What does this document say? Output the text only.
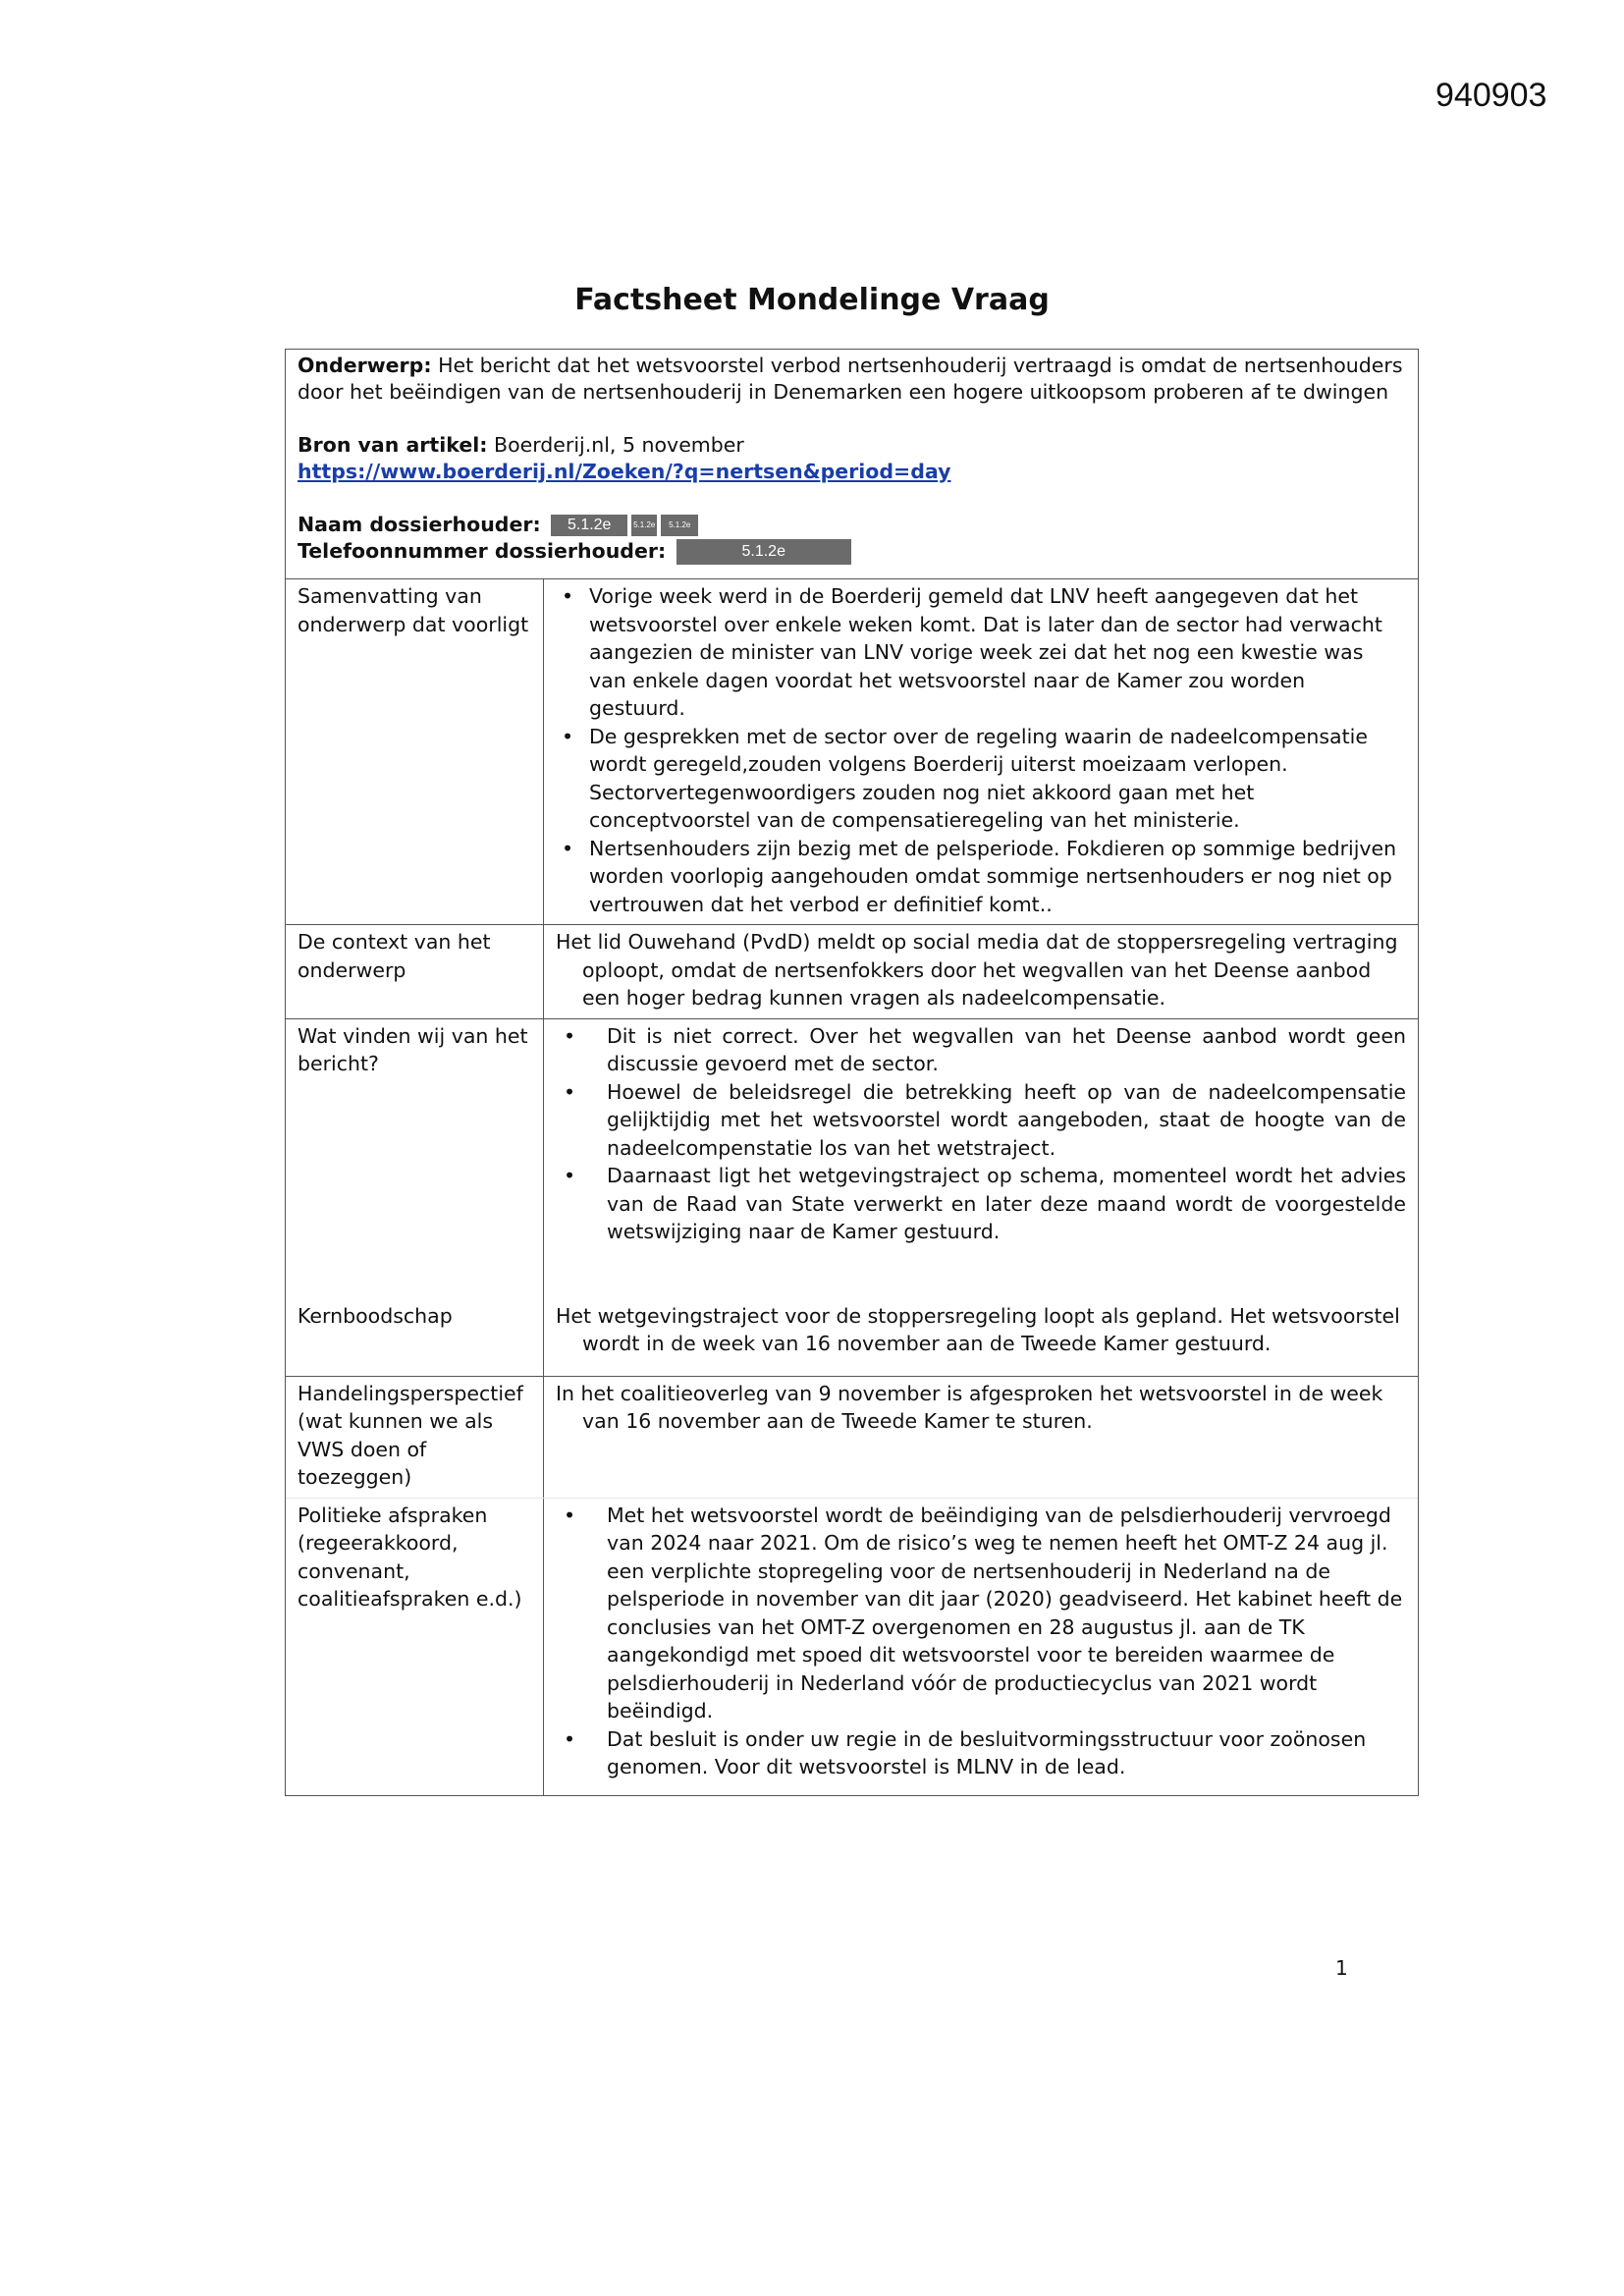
940903
Factsheet Mondelinge Vraag
Onderwerp: Het bericht dat het wetsvoorstel verbod nertsenhouderij vertraagd is omdat de nertsenhouders door het beëindigen van de nertsenhouderij in Denemarken een hogere uitkoopsom proberen af te dwingen
Bron van artikel: Boerderij.nl, 5 november
https://www.boerderij.nl/Zoeken/?q=nertsen&period=day
Naam dossierhouder: 5.1.2e	5.1.2e 5.1.2e
Telefoonnummer dossierhouder:	5.1.2e
Samenvatting van onderwerp dat voorligt
• Vorige week werd in de Boerderij gemeld dat LNV heeft aangegeven dat het wetsvoorstel over enkele weken komt. Dat is later dan de sector had verwacht aangezien de minister van LNV vorige week zei dat het nog een kwestie was van enkele dagen voordat het wetsvoorstel naar de Kamer zou worden gestuurd.
• De gesprekken met de sector over de regeling waarin de nadeelcompensatie wordt geregeld,zouden volgens Boerderij uiterst moeizaam verlopen. Sectorvertegenwoordigers zouden nog niet akkoord gaan met het conceptvoorstel van de compensatieregeling van het ministerie.
• Nertsenhouders zijn bezig met de pelsperiode. Fokdieren op sommige bedrijven worden voorlopig aangehouden omdat sommige nertsenhouders er nog niet op vertrouwen dat het verbod er definitief komt..
De context van het onderwerp
Het lid Ouwehand (PvdD) meldt op social media dat de stoppersregeling vertraging oploopt, omdat de nertsenfokkers door het wegvallen van het Deense aanbod een hoger bedrag kunnen vragen als nadeelcompensatie.
Wat vinden wij van het bericht?
Kernboodschap
• Dit is niet correct. Over het wegvallen van het Deense aanbod wordt geen discussie gevoerd met de sector.
• Hoewel de beleidsregel die betrekking heeft op van de nadeelcompensatie gelijktijdig met het wetsvoorstel wordt aangeboden, staat de hoogte van de nadeelcompenstatie los van het wetstraject.
• Daarnaast ligt het wetgevingstraject op schema, momenteel wordt het advies van de Raad van State verwerkt en later deze maand wordt de voorgestelde wetswijziging naar de Kamer gestuurd.
Het wetgevingstraject voor de stoppersregeling loopt als gepland. Het wetsvoorstel wordt in de week van 16 november aan de Tweede Kamer gestuurd.
Handelingsperspectief (wat kunnen we als VWS doen of toezeggen)
In het coalitieoverleg van 9 november is afgesproken het wetsvoorstel in de week van 16 november aan de Tweede Kamer te sturen.
Politieke afspraken (regeerakkoord, convenant, coalitieafspraken e.d.)
• Met het wetsvoorstel wordt de beëindiging van de pelsdierhouderij vervroegd van 2024 naar 2021. Om de risico’s weg te nemen heeft het OMT-Z 24 aug jl. een verplichte stopregeling voor de nertsenhouderij in Nederland na de pelsperiode in november van dit jaar (2020) geadviseerd. Het kabinet heeft de conclusies van het OMT-Z overgenomen en 28 augustus jl. aan de TK aangekondigd met spoed dit wetsvoorstel voor te bereiden waarmee de pelsdierhouderij in Nederland vóór de productiecyclus van 2021 wordt beëindigd.
• Dat besluit is onder uw regie in de besluitvormingsstructuur voor zoönosen genomen. Voor dit wetsvoorstel is MLNV in de lead.
1
